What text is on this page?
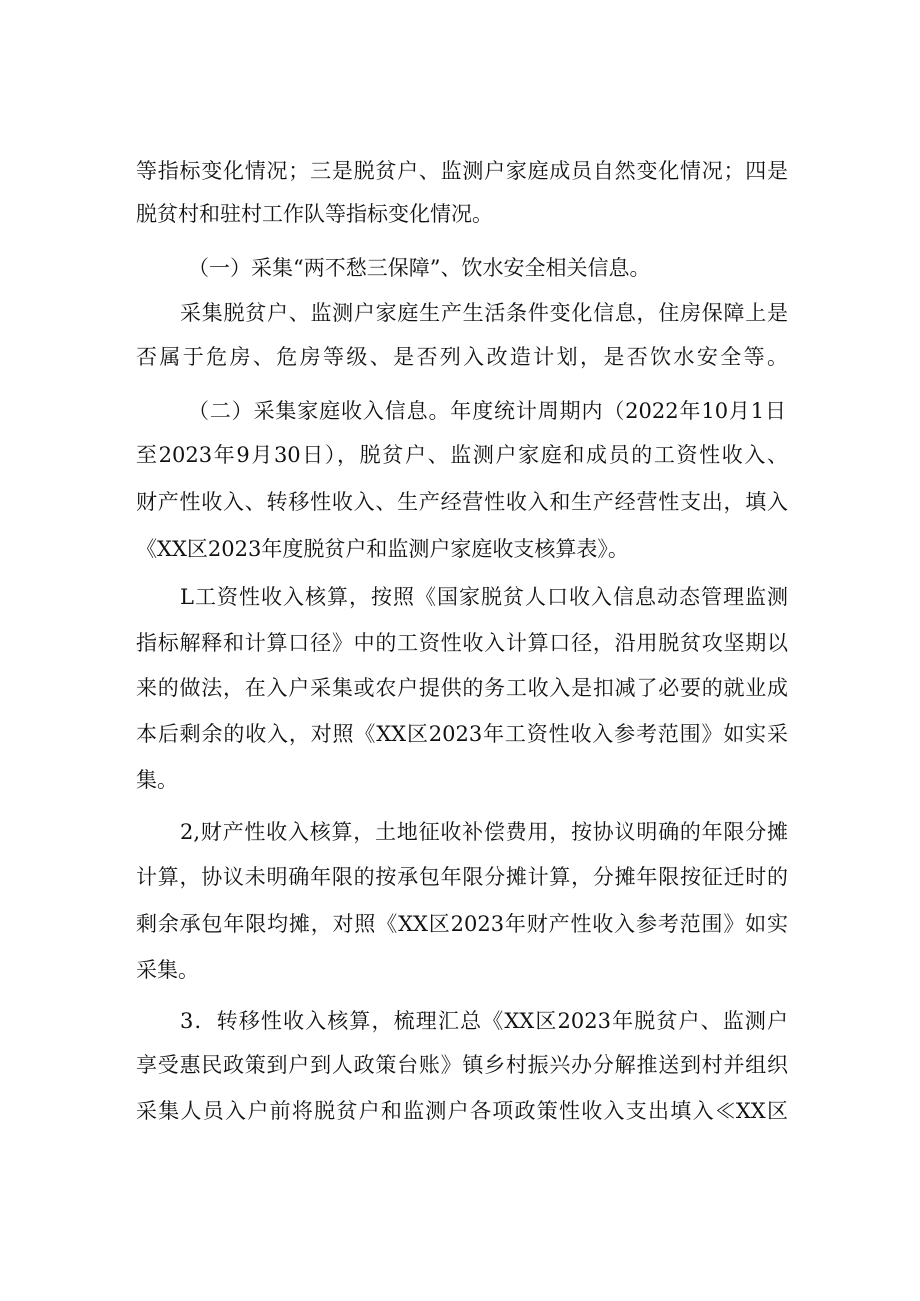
等指标变化情况；三是脱贫户、监测户家庭成员自然变化情况；四是

脱贫村和驻村工作队等指标变化情况。

（一）采集“两不愁三保障”、饮水安全相关信息。

采集脱贫户、监测户家庭生产生活条件变化信息，住房保障上是

否属于危房、危房等级、是否列入改造计划，是否饮水安全等。

（二）采集家庭收入信息。年度统计周期内（2022年10月1日

至2023年9月30日），脱贫户、监测户家庭和成员的工资性收入、

财产性收入、转移性收入、生产经营性收入和生产经营性支出，填入

《XX区2023年度脱贫户和监测户家庭收支核算表》。

L工资性收入核算，按照《国家脱贫人口收入信息动态管理监测

指标解释和计算口径》中的工资性收入计算口径，沿用脱贫攻坚期以

来的做法，在入户采集或农户提供的务工收入是扣减了必要的就业成

本后剩余的收入，对照《XX区2023年工资性收入参考范围》如实采

集。

2,财产性收入核算，土地征收补偿费用，按协议明确的年限分摊

计算，协议未明确年限的按承包年限分摊计算，分摊年限按征迁时的

剩余承包年限均摊，对照《XX区2023年财产性收入参考范围》如实

采集。

3．转移性收入核算，梳理汇总《XX区2023年脱贫户、监测户

享受惠民政策到户到人政策台账》镇乡村振兴办分解推送到村并组织

采集人员入户前将脱贫户和监测户各项政策性收入支出填入≪XX区
